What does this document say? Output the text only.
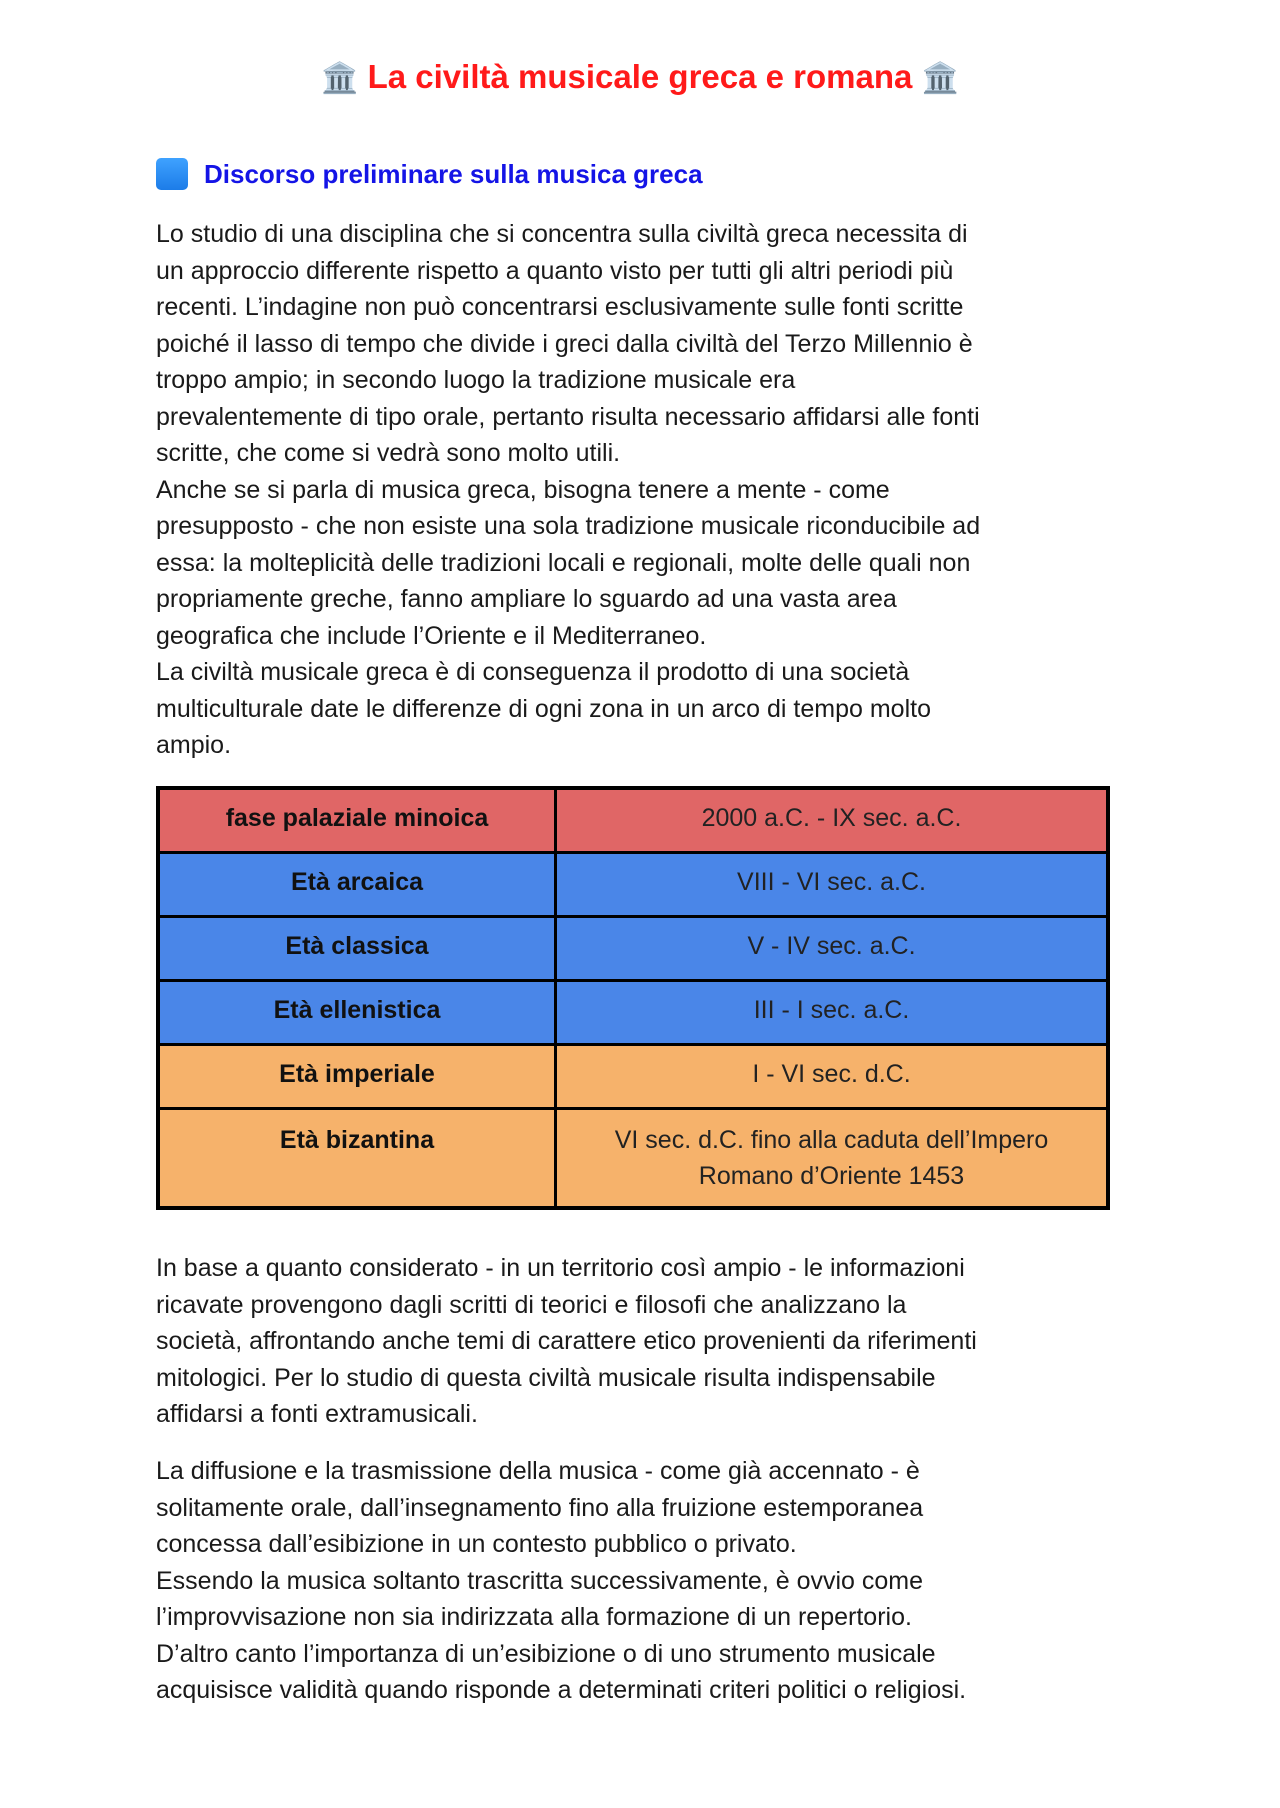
🏛️ La civiltà musicale greca e romana 🏛️
Discorso preliminare sulla musica greca

Lo studio di una disciplina che si concentra sulla civiltà greca necessita di
un approccio differente rispetto a quanto visto per tutti gli altri periodi più
recenti. L’indagine non può concentrarsi esclusivamente sulle fonti scritte
poiché il lasso di tempo che divide i greci dalla civiltà del Terzo Millennio è
troppo ampio; in secondo luogo la tradizione musicale era
prevalentemente di tipo orale, pertanto risulta necessario affidarsi alle fonti
scritte, che come si vedrà sono molto utili.
Anche se si parla di musica greca, bisogna tenere a mente - come
presupposto - che non esiste una sola tradizione musicale riconducibile ad
essa: la molteplicità delle tradizioni locali e regionali, molte delle quali non
propriamente greche, fanno ampliare lo sguardo ad una vasta area
geografica che include l’Oriente e il Mediterraneo.
La civiltà musicale greca è di conseguenza il prodotto di una società
multiculturale date le differenze di ogni zona in un arco di tempo molto
ampio.

fase palaziale minoica	2000 a.C. - IX sec. a.C.
Età arcaica	VIII - VI sec. a.C.
Età classica	V - IV sec. a.C.
Età ellenistica	III - I sec. a.C.
Età imperiale	I - VI sec. d.C.
Età bizantina	VI sec. d.C. fino alla caduta dell’Impero
Romano d’Oriente 1453

In base a quanto considerato - in un territorio così ampio - le informazioni
ricavate provengono dagli scritti di teorici e filosofi che analizzano la
società, affrontando anche temi di carattere etico provenienti da riferimenti
mitologici. Per lo studio di questa civiltà musicale risulta indispensabile
affidarsi a fonti extramusicali.

La diffusione e la trasmissione della musica - come già accennato - è
solitamente orale, dall’insegnamento fino alla fruizione estemporanea
concessa dall’esibizione in un contesto pubblico o privato.
Essendo la musica soltanto trascritta successivamente, è ovvio come
l’improvvisazione non sia indirizzata alla formazione di un repertorio.
D’altro canto l’importanza di un’esibizione o di uno strumento musicale
acquisisce validità quando risponde a determinati criteri politici o religiosi.
